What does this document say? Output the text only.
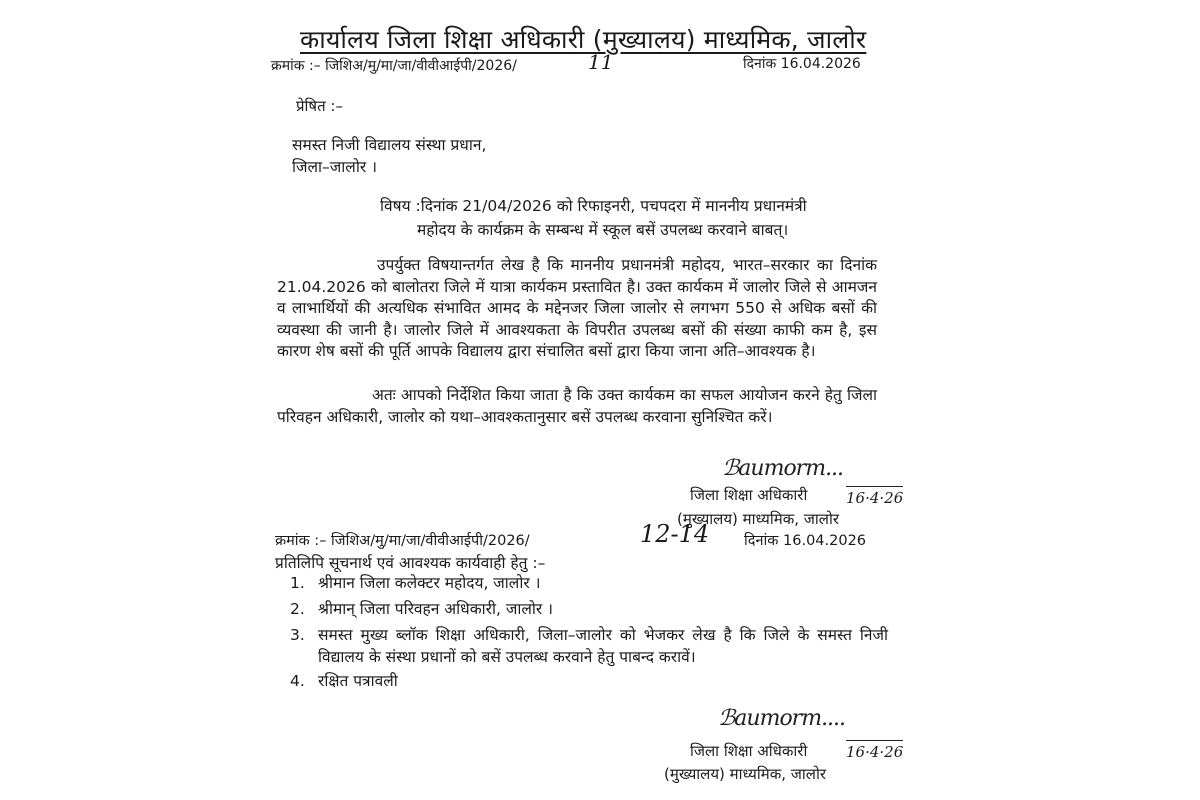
कार्यालय जिला शिक्षा अधिकारी (मुख्यालय) माध्यमिक, जालोर
क्रमांक :– जिशिअ/मु/मा/जा/वीवीआईपी/2026/	11	दिनांक 16.04.2026
प्रेषित :–
समस्त निजी विद्यालय संस्था प्रधान,
जिला–जालोर ।
विषय :दिनांक 21/04/2026 को रिफाइनरी, पचपदरा में माननीय प्रधानमंत्री
महोदय के कार्यक्रम के सम्बन्ध में स्कूल बसें उपलब्ध करवाने बाबत्।
उपर्युक्त विषयान्तर्गत लेख है कि माननीय प्रधानमंत्री महोदय, भारत–सरकार का दिनांक 21.04.2026 को बालोतरा जिले में यात्रा कार्यकम प्रस्तावित है। उक्त कार्यकम में जालोर जिले से आमजन व लाभार्थियों की अत्यधिक संभावित आमद के मद्देनजर जिला जालोर से लगभग 550 से अधिक बसों की व्यवस्था की जानी है। जालोर जिले में आवश्यकता के विपरीत उपलब्ध बसों की संख्या काफी कम है, इस कारण शेष बसों की पूर्ति आपके विद्यालय द्वारा संचालित बसों द्वारा किया जाना अति–आवश्यक है।
अतः आपको निर्देशित किया जाता है कि उक्त कार्यकम का सफल आयोजन करने हेतु जिला परिवहन अधिकारी, जालोर को यथा–आवश्कतानुसार बसें उपलब्ध करवाना सुनिश्चित करें।
ℬaumorm...
जिला शिक्षा अधिकारी	16·4·26
(मुख्यालय) माध्यमिक, जालोर
क्रमांक :– जिशिअ/मु/मा/जा/वीवीआईपी/2026/	12-14 दिनांक 16.04.2026
प्रतिलिपि सूचनार्थ एवं आवश्यक कार्यवाही हेतु :–
1. श्रीमान जिला कलेक्टर महोदय, जालोर ।
2. श्रीमान् जिला परिवहन अधिकारी, जालोर ।
3. समस्त मुख्य ब्लॉक शिक्षा अधिकारी, जिला–जालोर को भेजकर लेख है कि जिले के समस्त निजी विद्यालय के संस्था प्रधानों को बसें उपलब्ध करवाने हेतु पाबन्द करावें।
4. रक्षित पत्रावली
ℬaumorm....
जिला शिक्षा अधिकारी	16·4·26
(मुख्यालय) माध्यमिक, जालोर
